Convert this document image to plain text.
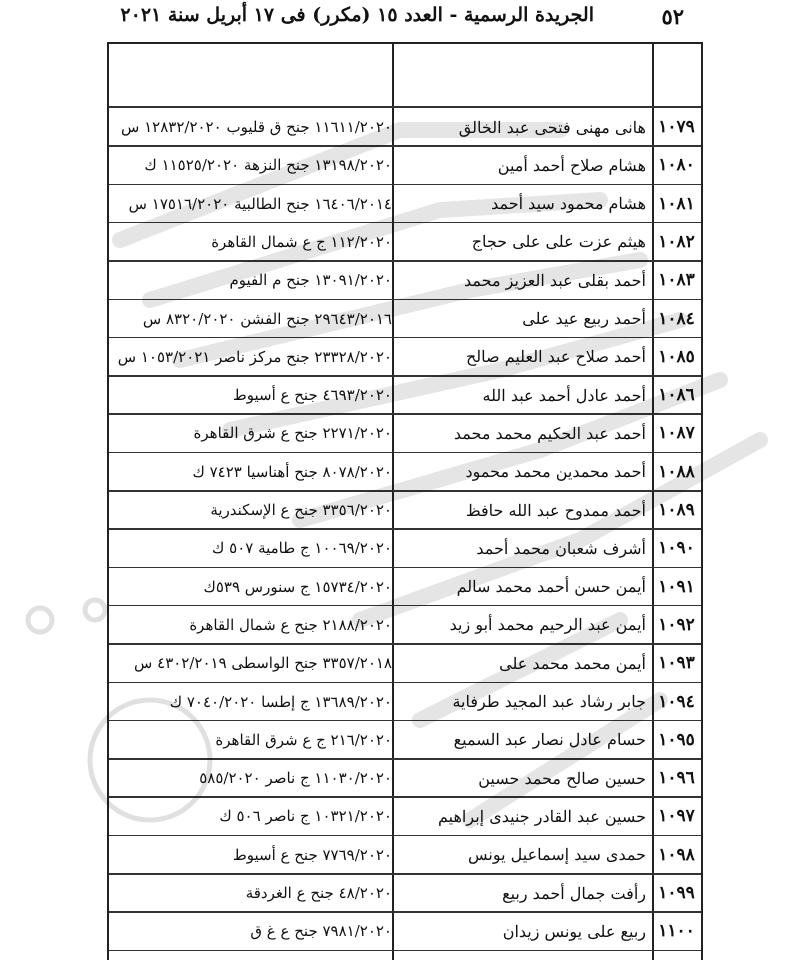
٥٢
الجريدة الرسمية - العدد ١٥ (مكرر) فى ١٧ أبريل سنة ٢٠٢١
١٠٧٩
هانى مهنى فتحى عبد الخالق
١١٦١١/٢٠٢٠ جنح ق قليوب ١٢٨٣٢/٢٠٢٠ س
١٠٨٠
هشام صلاح أحمد أمين
١٣١٩٨/٢٠٢٠ جنح النزهة ١١٥٢٥/٢٠٢٠ ك
١٠٨١
هشام محمود سيد أحمد
١٦٤٠٦/٢٠١٤ جنح الطالبية ١٧٥١٦/٢٠٢٠ س
١٠٨٢
هيثم عزت على على حجاج
١١٢/٢٠٢٠ ج ع شمال القاهرة
١٠٨٣
أحمد بقلى عبد العزيز محمد
١٣٠٩١/٢٠٢٠ جنح م الفيوم
١٠٨٤
أحمد ربيع عيد على
٢٩٦٤٣/٢٠١٦ جنح الفشن ٨٣٢٠/٢٠٢٠ س
١٠٨٥
أحمد صلاح عبد العليم صالح
٢٣٣٢٨/٢٠٢٠ جنح مركز ناصر ١٠٥٣/٢٠٢١ س
١٠٨٦
أحمد عادل أحمد عبد الله
٤٦٩٣/٢٠٢٠ جنح ع أسيوط
١٠٨٧
أحمد عبد الحكيم محمد محمد
٢٢٧١/٢٠٢٠ جنح ع شرق القاهرة
١٠٨٨
أحمد محمدين محمد محمود
٨٠٧٨/٢٠٢٠ جنح أهناسيا ٧٤٢٣ ك
١٠٨٩
أحمد ممدوح عبد الله حافظ
٣٣٥٦/٢٠٢٠ جنح ع الإسكندرية
١٠٩٠
أشرف شعبان محمد أحمد
١٠٠٦٩/٢٠٢٠ ج طامية ٥٠٧ ك
١٠٩١
أيمن حسن أحمد محمد سالم
١٥٧٣٤/٢٠٢٠ ج سنورس ٥٣٩ك
١٠٩٢
أيمن عبد الرحيم محمد أبو زيد
٢١٨٨/٢٠٢٠ جنح ع شمال القاهرة
١٠٩٣
أيمن محمد محمد على
٣٣٥٧/٢٠١٨ جنح الواسطى ٤٣٠٢/٢٠١٩ س
١٠٩٤
جابر رشاد عبد المجيد طرفاية
١٣٦٨٩/٢٠٢٠ ج إطسا ٧٠٤٠/٢٠٢٠ ك
١٠٩٥
حسام عادل نصار عبد السميع
٢١٦/٢٠٢٠ ج ع شرق القاهرة
١٠٩٦
حسين صالح محمد حسين
١١٠٣٠/٢٠٢٠ ج ناصر ٥٨٥/٢٠٢٠
١٠٩٧
حسين عبد القادر جنيدى إبراهيم
١٠٣٢١/٢٠٢٠ ج ناصر ٥٠٦ ك
١٠٩٨
حمدى سيد إسماعيل يونس
٧٧٦٩/٢٠٢٠ جنح ع أسيوط
١٠٩٩
رأفت جمال أحمد ربيع
٤٨/٢٠٢٠ جنح ع الغردقة
١١٠٠
ربيع على يونس زيدان
٧٩٨١/٢٠٢٠ جنح ع غ ق
